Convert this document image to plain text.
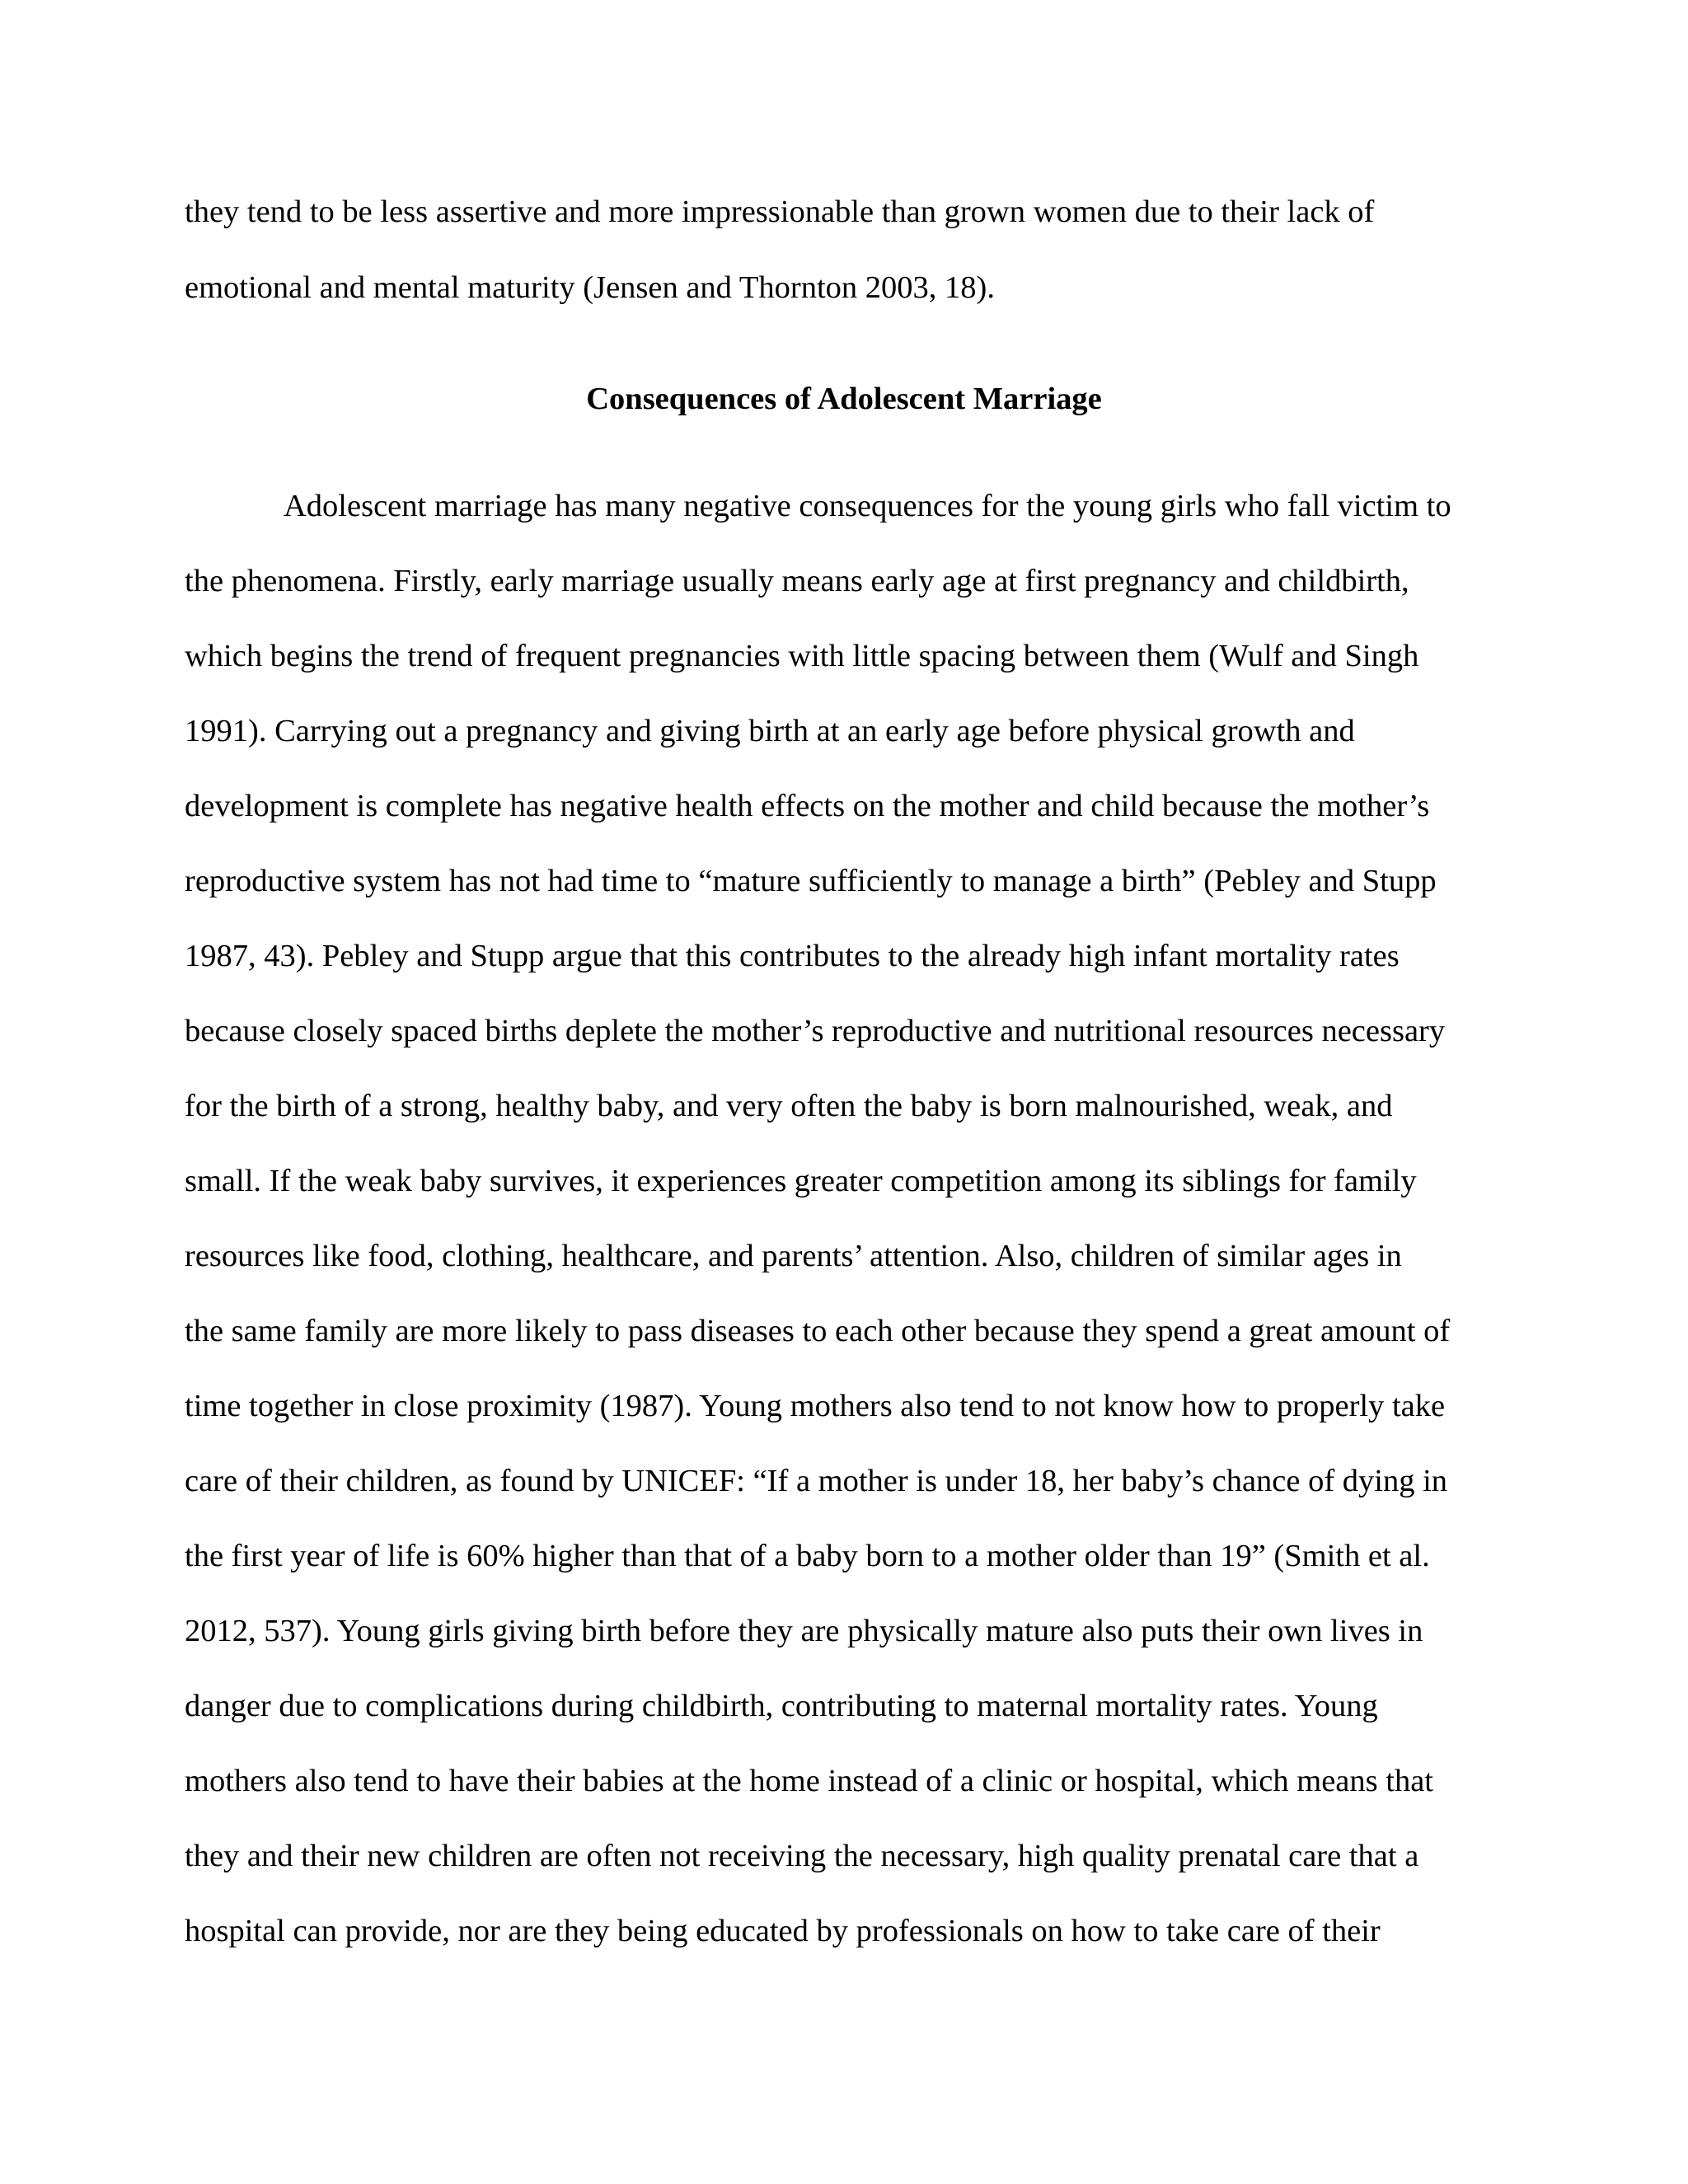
they tend to be less assertive and more impressionable than grown women due to their lack of
emotional and mental maturity (Jensen and Thornton 2003, 18).
Consequences of Adolescent Marriage
Adolescent marriage has many negative consequences for the young girls who fall victim to
the phenomena. Firstly, early marriage usually means early age at first pregnancy and childbirth,
which begins the trend of frequent pregnancies with little spacing between them (Wulf and Singh
1991). Carrying out a pregnancy and giving birth at an early age before physical growth and
development is complete has negative health effects on the mother and child because the mother’s
reproductive system has not had time to “mature sufficiently to manage a birth” (Pebley and Stupp
1987, 43). Pebley and Stupp argue that this contributes to the already high infant mortality rates
because closely spaced births deplete the mother’s reproductive and nutritional resources necessary
for the birth of a strong, healthy baby, and very often the baby is born malnourished, weak, and
small. If the weak baby survives, it experiences greater competition among its siblings for family
resources like food, clothing, healthcare, and parents’ attention. Also, children of similar ages in
the same family are more likely to pass diseases to each other because they spend a great amount of
time together in close proximity (1987). Young mothers also tend to not know how to properly take
care of their children, as found by UNICEF: “If a mother is under 18, her baby’s chance of dying in
the first year of life is 60% higher than that of a baby born to a mother older than 19” (Smith et al.
2012, 537). Young girls giving birth before they are physically mature also puts their own lives in
danger due to complications during childbirth, contributing to maternal mortality rates. Young
mothers also tend to have their babies at the home instead of a clinic or hospital, which means that
they and their new children are often not receiving the necessary, high quality prenatal care that a
hospital can provide, nor are they being educated by professionals on how to take care of their
